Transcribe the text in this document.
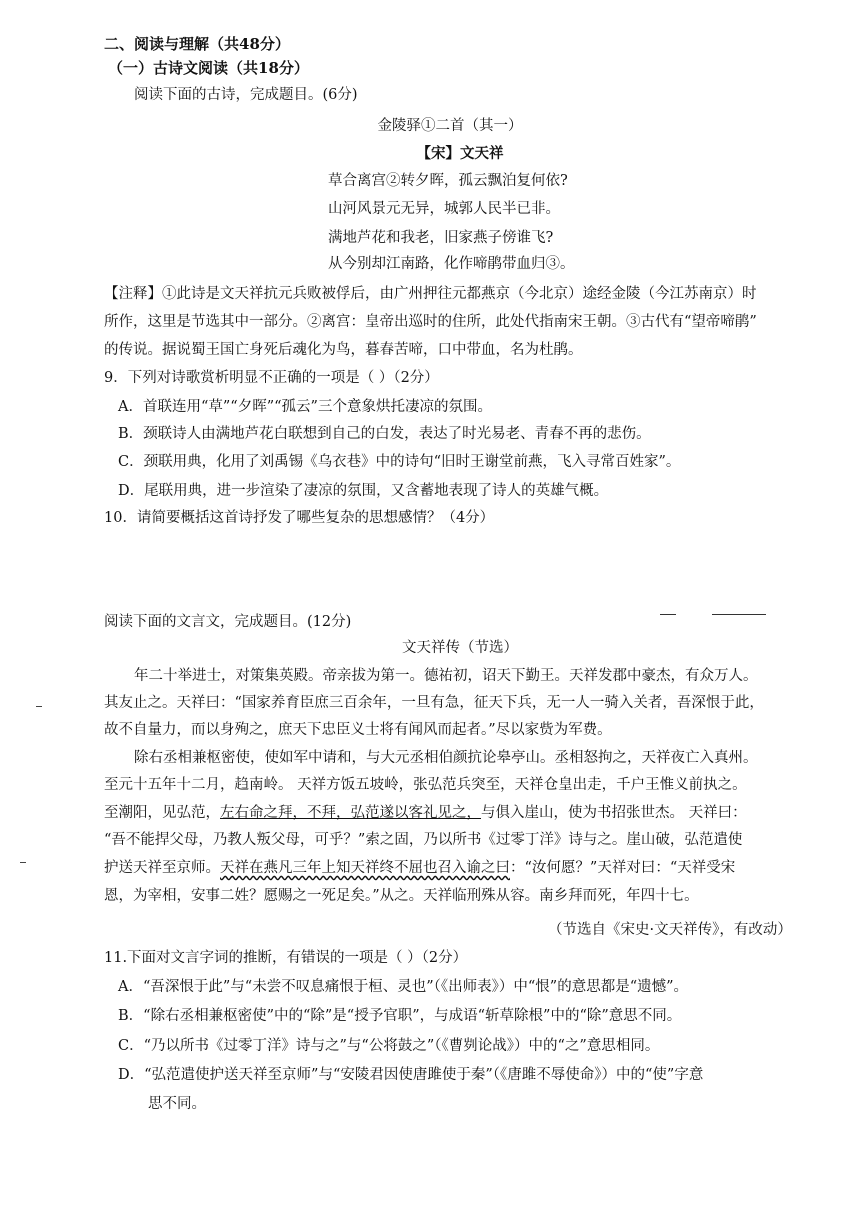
二、阅读与理解（共48分）
（一）古诗文阅读（共18分）
阅读下面的古诗，完成题目。(6分)
金陵驿①二首（其一）
【宋】文天祥
草合离宫②转夕晖，孤云飘泊复何依?
山河风景元无异，城郭人民半已非。
满地芦花和我老，旧家燕子傍谁飞?
从今别却江南路，化作啼鹃带血归③。
【注释】①此诗是文天祥抗元兵败被俘后，由广州押往元都燕京（今北京）途经金陵（今江苏南京）时
所作，这里是节选其中一部分。②离宫：皇帝出巡时的住所，此处代指南宋王朝。③古代有“望帝啼鹃”
的传说。据说蜀王国亡身死后魂化为鸟，暮春苦啼，口中带血，名为杜鹃。
9．下列对诗歌赏析明显不正确的一项是（ ）（2分）
A．首联连用“草”“夕晖”“孤云”三个意象烘托凄凉的氛围。
B．颈联诗人由满地芦花白联想到自己的白发，表达了时光易老、青春不再的悲伤。
C．颈联用典，化用了刘禹锡《乌衣巷》中的诗句“旧时王谢堂前燕，飞入寻常百姓家”。
D．尾联用典，进一步渲染了凄凉的氛围，又含蓄地表现了诗人的英雄气概。
10．请简要概括这首诗抒发了哪些复杂的思想感情？（4分）
阅读下面的文言文，完成题目。(12分)
文天祥传（节选）
年二十举进士，对策集英殿。帝亲拔为第一。德祐初，诏天下勤王。天祥发郡中豪杰，有众万人。
其友止之。天祥曰：“国家养育臣庶三百余年，一旦有急，征天下兵，无一人一骑入关者，吾深恨于此，
故不自量力，而以身殉之，庶天下忠臣义士将有闻风而起者。”尽以家赀为军费。
除右丞相兼枢密使，使如军中请和，与大元丞相伯颜抗论皋亭山。丞相怒拘之，天祥夜亡入真州。
至元十五年十二月，趋南岭。 天祥方饭五坡岭，张弘范兵突至，天祥仓皇出走，千户王惟义前执之。
至潮阳，见弘范，左右命之拜，不拜，弘范遂以客礼见之，与俱入崖山，使为书招张世杰。 天祥曰：
“吾不能捍父母，乃教人叛父母，可乎？”索之固，乃以所书《过零丁洋》诗与之。崖山破，弘范遣使
护送天祥至京师。天祥在燕凡三年上知天祥终不屈也召入谕之曰：“汝何愿？”天祥对曰：“天祥受宋
恩，为宰相，安事二姓？愿赐之一死足矣。”从之。天祥临刑殊从容。南乡拜而死，年四十七。
（节选自《宋史·文天祥传》，有改动）
11.下面对文言字词的推断，有错误的一项是（ ）（2分）
A．“吾深恨于此”与“未尝不叹息痛恨于桓、灵也”（《出师表》）中“恨”的意思都是“遗憾”。
B．“除右丞相兼枢密使”中的“除”是“授予官职”，与成语“斩草除根”中的“除”意思不同。
C．“乃以所书《过零丁洋》诗与之”与“公将鼓之”（《曹刿论战》）中的“之”意思相同。
D．“弘范遣使护送天祥至京师”与“安陵君因使唐雎使于秦”（《唐雎不辱使命》）中的“使”字意
思不同。
